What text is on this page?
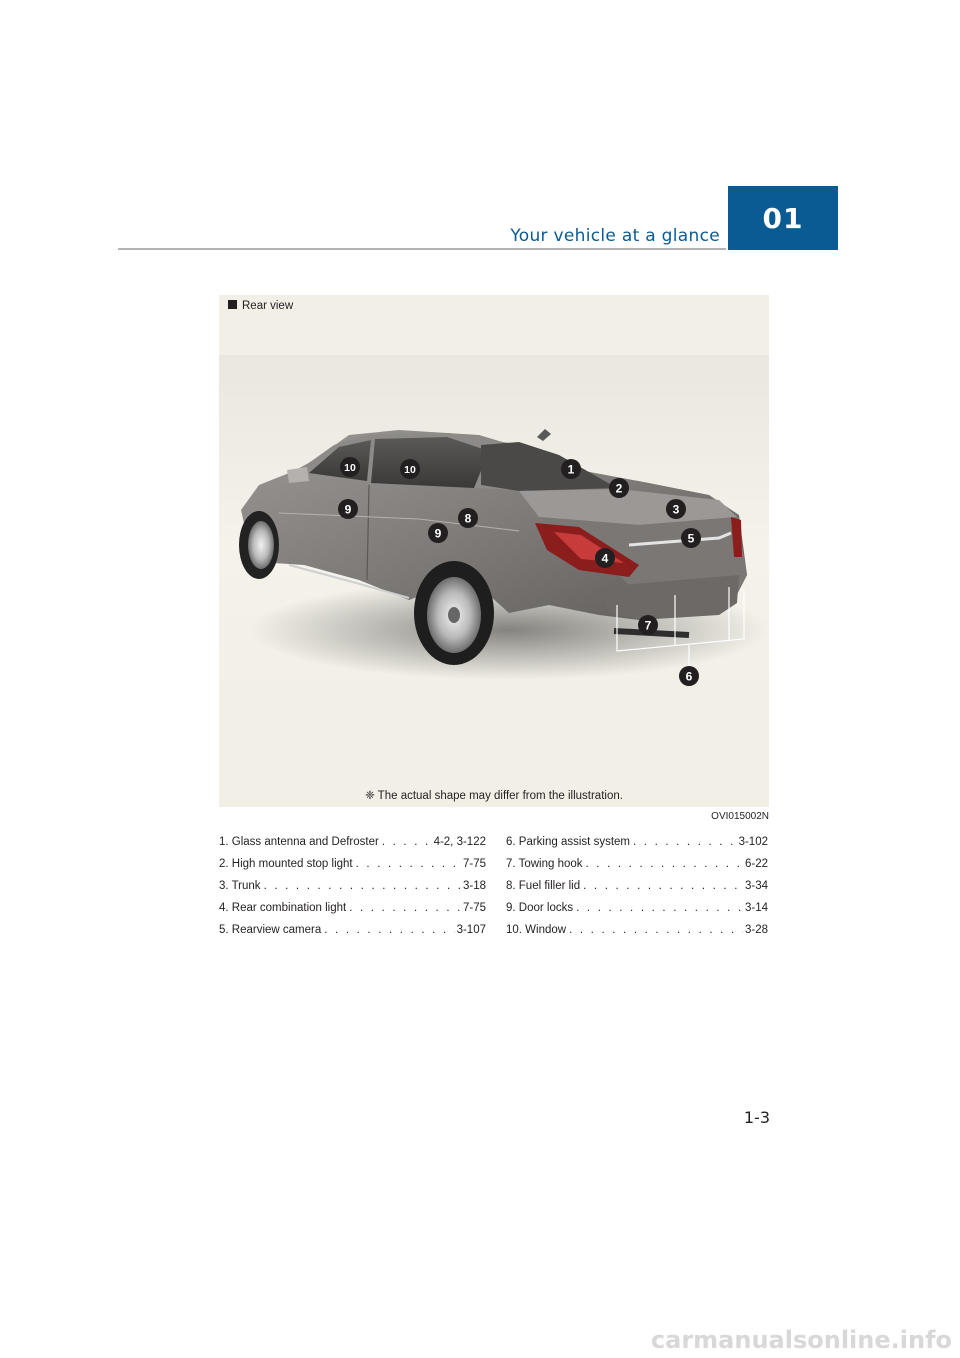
Your vehicle at a glance
01
1
2
3
4
5
6
7
8
9
9
10	10
Rear view
❈ The actual shape may differ from the illustration.
OVI015002N
1. Glass antenna and Defroster . . .	4-2, 3-122
2. High mounted stop light . . .	7-75
3. Trunk . . .	3-18
4. Rear combination light . . .	7-75
5. Rearview camera . . .	3-107
6. Parking assist system . . .	3-102
7. Towing hook . . .	6-22
8. Fuel filler lid . . .	3-34
9. Door locks . . .	3-14
10. Window . . .	3-28
1-3
carmanualsonline.info
